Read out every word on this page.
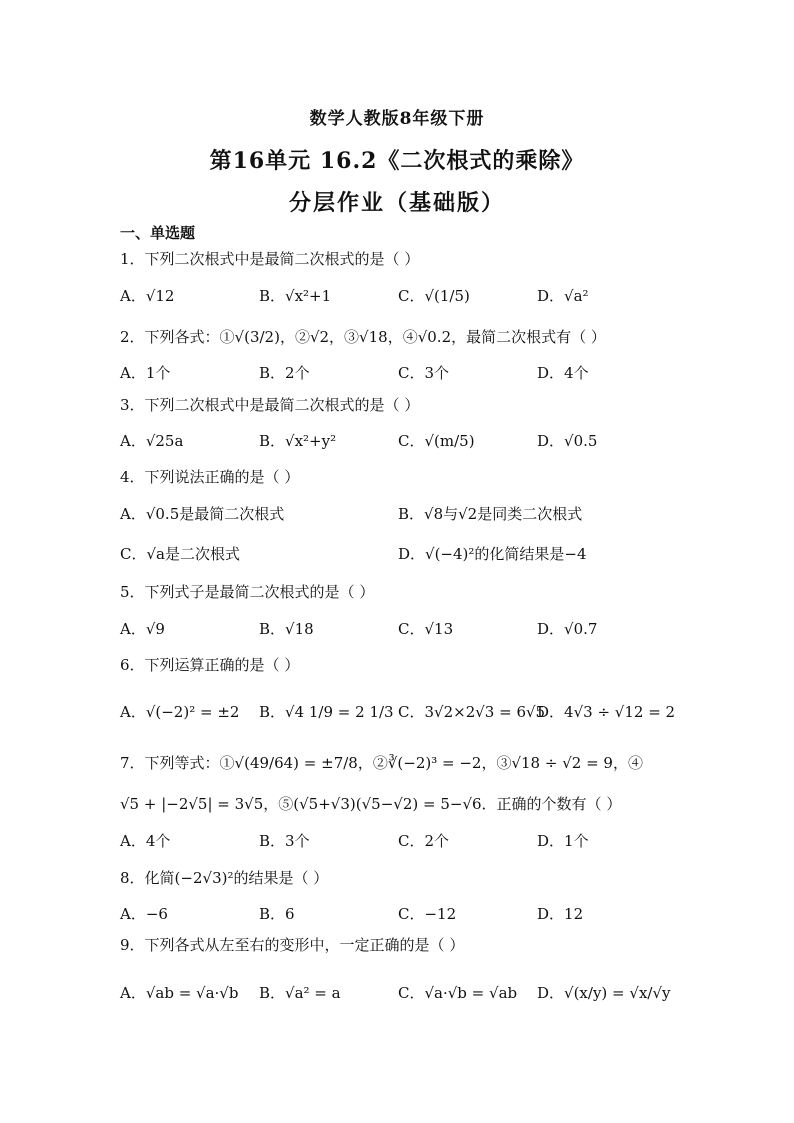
数学人教版8年级下册
第16单元 16.2《二次根式的乘除》
分层作业（基础版）
一、单选题
1．下列二次根式中是最简二次根式的是（ ）
A．√12	B．√x²+1	C．√(1/5)	D．√a²
2．下列各式：①√(3/2)，②√2，③√18，④√0.2，最简二次根式有（ ）
A．1个	B．2个	C．3个	D．4个
3．下列二次根式中是最简二次根式的是（ ）
A．√25a	B．√x²+y²	C．√(m/5)	D．√0.5
4．下列说法正确的是（ ）
A．√0.5是最简二次根式	B．√8与√2是同类二次根式
C．√a是二次根式	D．√(−4)²的化简结果是−4
5．下列式子是最简二次根式的是（ ）
A．√9	B．√18	C．√13	D．√0.7
6．下列运算正确的是（ ）
A．√(−2)² = ±2 B．√4 1/9 = 2 1/3 C．3√2×2√3 = 6√5
D．4√3 ÷ √12 = 2
7．下列等式：①√(49/64) = ±7/8，②∛(−2)³ = −2，③√18 ÷ √2 = 9，④
√5 + |−2√5| = 3√5，⑤(√5+√3)(√5−√2) = 5−√6．正确的个数有（ ）
A．4个	B．3个	C．2个	D．1个
8．化简(−2√3)²的结果是（ ）
A．−6	B．6	C．−12	D．12
9．下列各式从左至右的变形中，一定正确的是（ ）
A．√ab = √a·√b B．√a² = a	C．√a·√b = √ab D．√(x/y) = √x/√y
